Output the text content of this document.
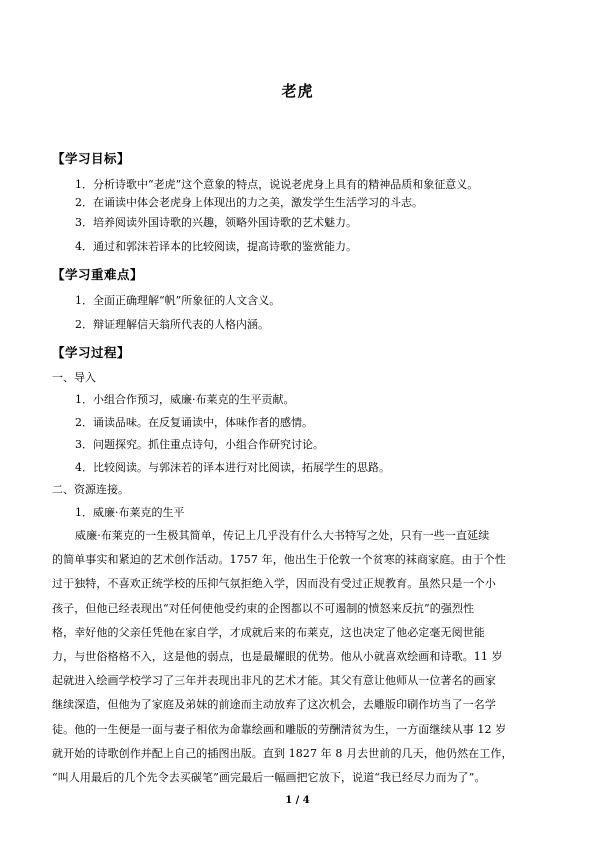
老虎
【学习目标】
1．分析诗歌中“老虎”这个意象的特点，说说老虎身上具有的精神品质和象征意义。
2．在诵读中体会老虎身上体现出的力之美，激发学生生活学习的斗志。
3．培养阅读外国诗歌的兴趣，领略外国诗歌的艺术魅力。
4．通过和郭沫若译本的比较阅读，提高诗歌的鉴赏能力。
【学习重难点】
1．全面正确理解“帆”所象征的人文含义。
2．辩证理解信天翁所代表的人格内涵。
【学习过程】
一、导入
1．小组合作预习，威廉·布莱克的生平贡献。
2．诵读品味。在反复诵读中，体味作者的感情。
3．问题探究。抓住重点诗句，小组合作研究讨论。
4．比较阅读。与郭沫若的译本进行对比阅读，拓展学生的思路。
二、资源连接。
1．威廉·布莱克的生平
威廉·布莱克的一生极其简单，传记上几乎没有什么大书特写之处，只有一些一直延续
的简单事实和紧迫的艺术创作活动。1757 年，他出生于伦敦一个贫寒的袜商家庭。由于个性
过于独特，不喜欢正统学校的压抑气氛拒绝入学，因而没有受过正规教育。虽然只是一个小
孩子，但他已经表现出“对任何使他受约束的企图都以不可遏制的愤怒来反抗”的强烈性
格，幸好他的父亲任凭他在家自学，才成就后来的布莱克，这也决定了他必定毫无阅世能
力，与世俗格格不入，这是他的弱点，也是最耀眼的优势。他从小就喜欢绘画和诗歌。11 岁
起就进入绘画学校学习了三年并表现出非凡的艺术才能。其父有意让他师从一位著名的画家
继续深造，但他为了家庭及弟妹的前途而主动放弃了这次机会，去雕版印刷作坊当了一名学
徒。他的一生便是一面与妻子相依为命靠绘画和雕版的劳酬清贫为生，一方面继续从事 12 岁
就开始的诗歌创作并配上自己的插图出版。直到 1827 年 8 月去世前的几天，他仍然在工作，
“叫人用最后的几个先令去买碳笔”画完最后一幅画把它放下，说道“我已经尽力而为了”。
1 / 4
